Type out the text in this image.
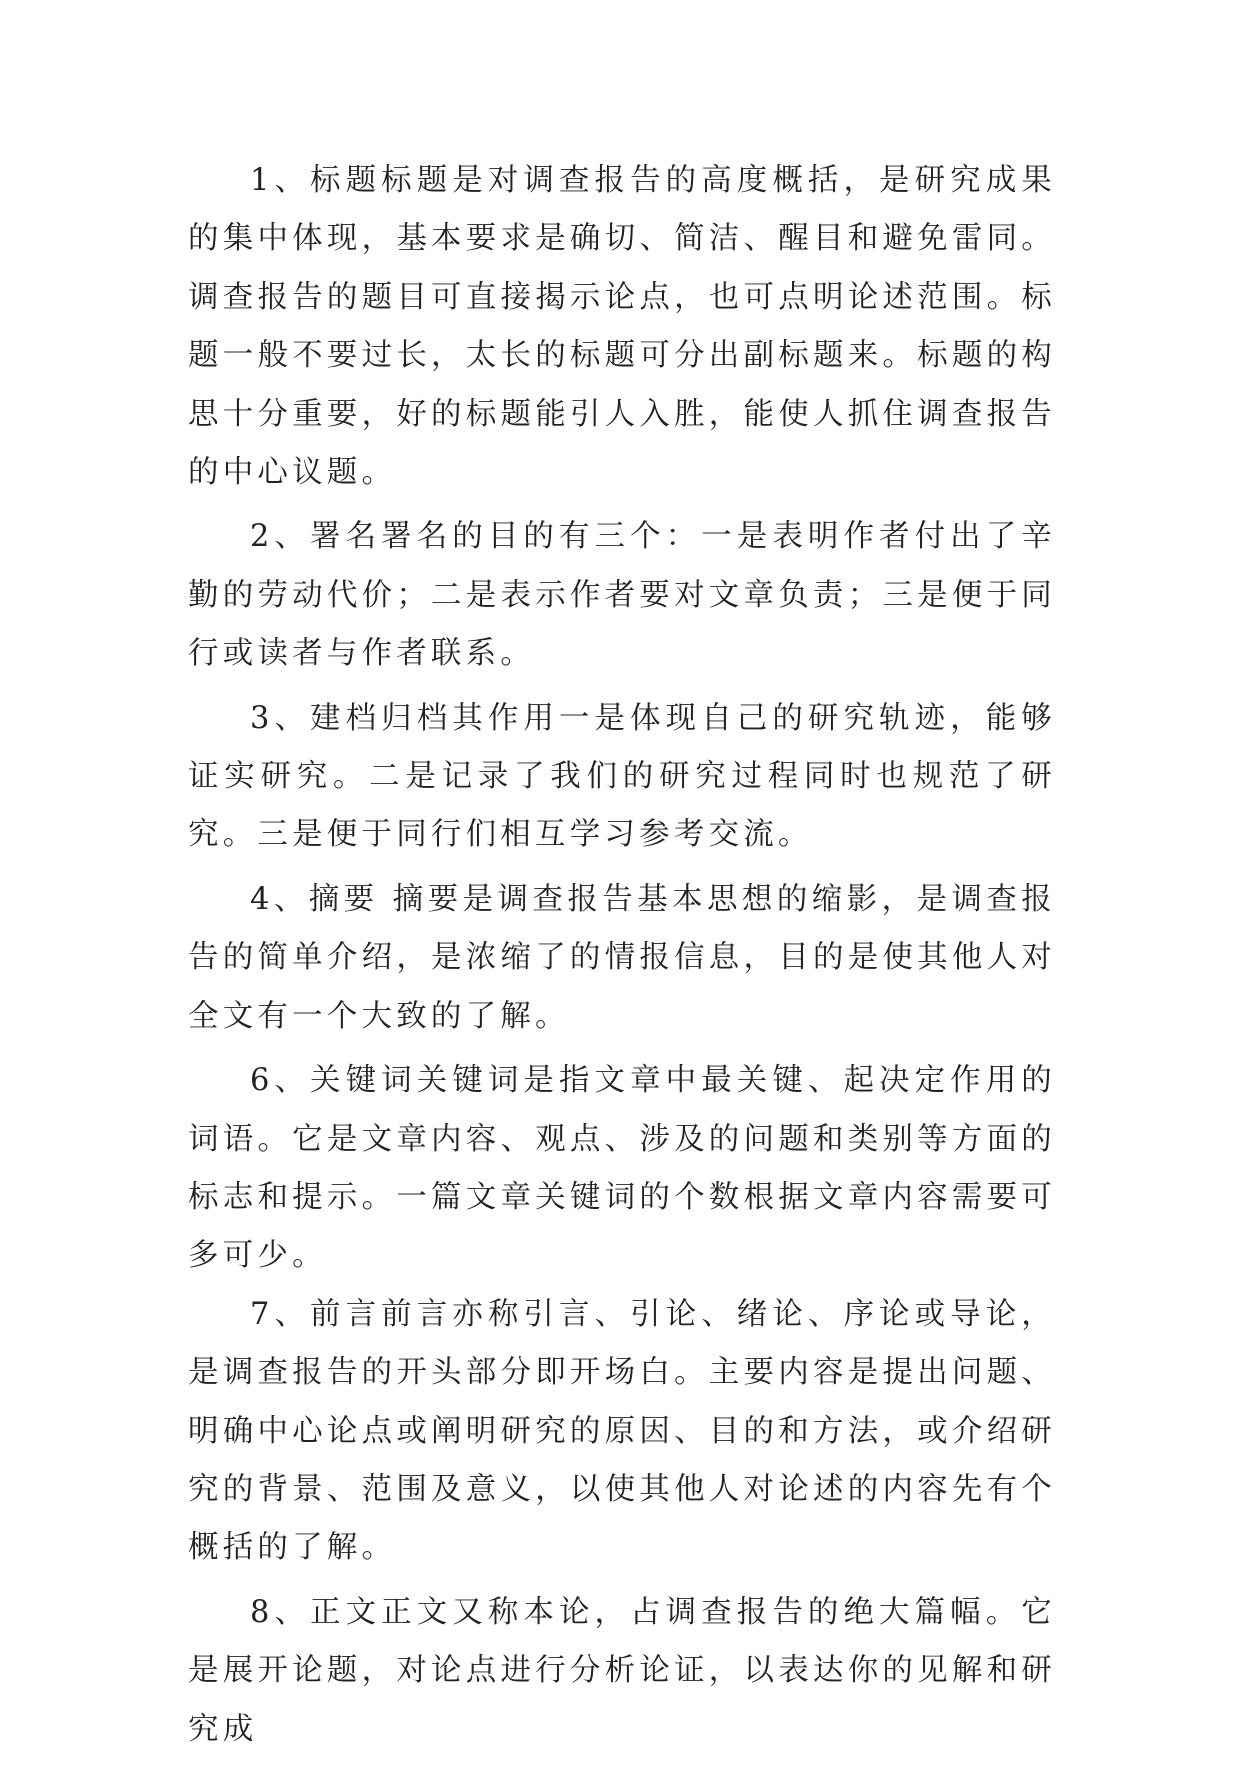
1、标题标题是对调查报告的高度概括，是研究成果的集中体现，基本要求是确切、简洁、醒目和避免雷同。调查报告的题目可直接揭示论点，也可点明论述范围。标题一般不要过长，太长的标题可分出副标题来。标题的构思十分重要，好的标题能引人入胜，能使人抓住调查报告的中心议题。

2、署名署名的目的有三个：一是表明作者付出了辛勤的劳动代价；二是表示作者要对文章负责；三是便于同行或读者与作者联系。

3、建档归档其作用一是体现自己的研究轨迹，能够证实研究。二是记录了我们的研究过程同时也规范了研究。三是便于同行们相互学习参考交流。

4、摘要 摘要是调查报告基本思想的缩影，是调查报告的简单介绍，是浓缩了的情报信息，目的是使其他人对全文有一个大致的了解。

6、关键词关键词是指文章中最关键、起决定作用的词语。它是文章内容、观点、涉及的问题和类别等方面的标志和提示。一篇文章关键词的个数根据文章内容需要可多可少。

7、前言前言亦称引言、引论、绪论、序论或导论，是调查报告的开头部分即开场白。主要内容是提出问题、明确中心论点或阐明研究的原因、目的和方法，或介绍研究的背景、范围及意义，以使其他人对论述的内容先有个概括的了解。

8、正文正文又称本论，占调查报告的绝大篇幅。它是展开论题，对论点进行分析论证，以表达你的见解和研究成
